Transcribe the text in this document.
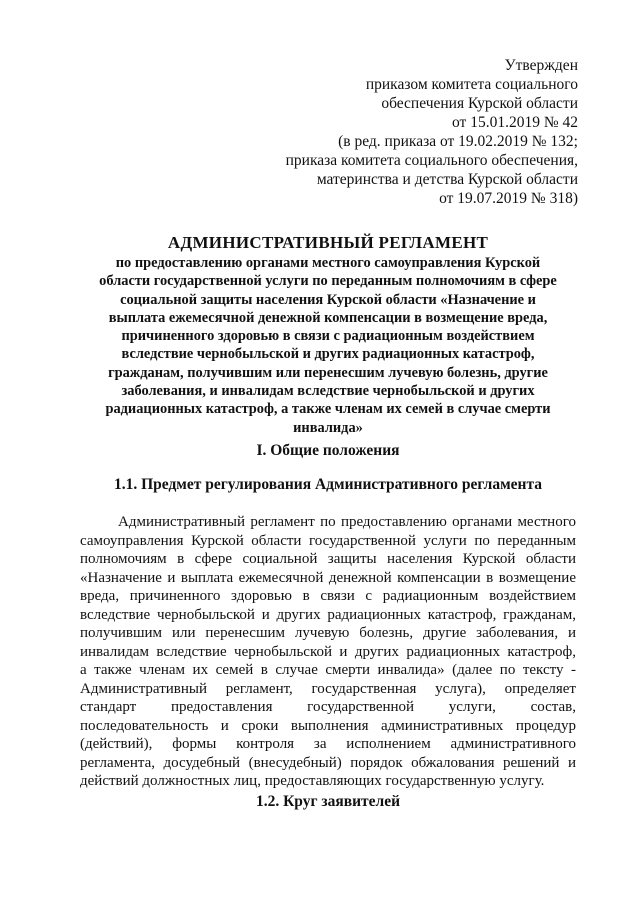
Утвержден
приказом комитета социального
обеспечения Курской области
от 15.01.2019 № 42
(в ред. приказа от 19.02.2019 № 132;
приказа комитета социального обеспечения,
материнства и детства Курской области
от 19.07.2019 № 318)
АДМИНИСТРАТИВНЫЙ РЕГЛАМЕНТ
по предоставлению органами местного самоуправления Курской
области государственной услуги по переданным полномочиям в сфере
социальной защиты населения Курской области «Назначение и
выплата ежемесячной денежной компенсации в возмещение вреда,
причиненного здоровью в связи с радиационным воздействием
вследствие чернобыльской и других радиационных катастроф,
гражданам, получившим или перенесшим лучевую болезнь, другие
заболевания, и инвалидам вследствие чернобыльской и других
радиационных катастроф, а также членам их семей в случае смерти
инвалида»
I. Общие положения
1.1. Предмет регулирования Административного регламента
Административный регламент по предоставлению органами местного
самоуправления Курской области государственной услуги по переданным
полномочиям в сфере социальной защиты населения Курской области
«Назначение и выплата ежемесячной денежной компенсации в возмещение
вреда, причиненного здоровью в связи с радиационным воздействием
вследствие чернобыльской и других радиационных катастроф, гражданам,
получившим или перенесшим лучевую болезнь, другие заболевания, и
инвалидам вследствие чернобыльской и других радиационных катастроф,
а также членам их семей в случае смерти инвалида» (далее по тексту -
Административный регламент, государственная услуга), определяет
стандарт предоставления государственной услуги, состав,
последовательность и сроки выполнения административных процедур
(действий), формы контроля за исполнением административного
регламента, досудебный (внесудебный) порядок обжалования решений и
действий должностных лиц, предоставляющих государственную услугу.
1.2. Круг заявителей
